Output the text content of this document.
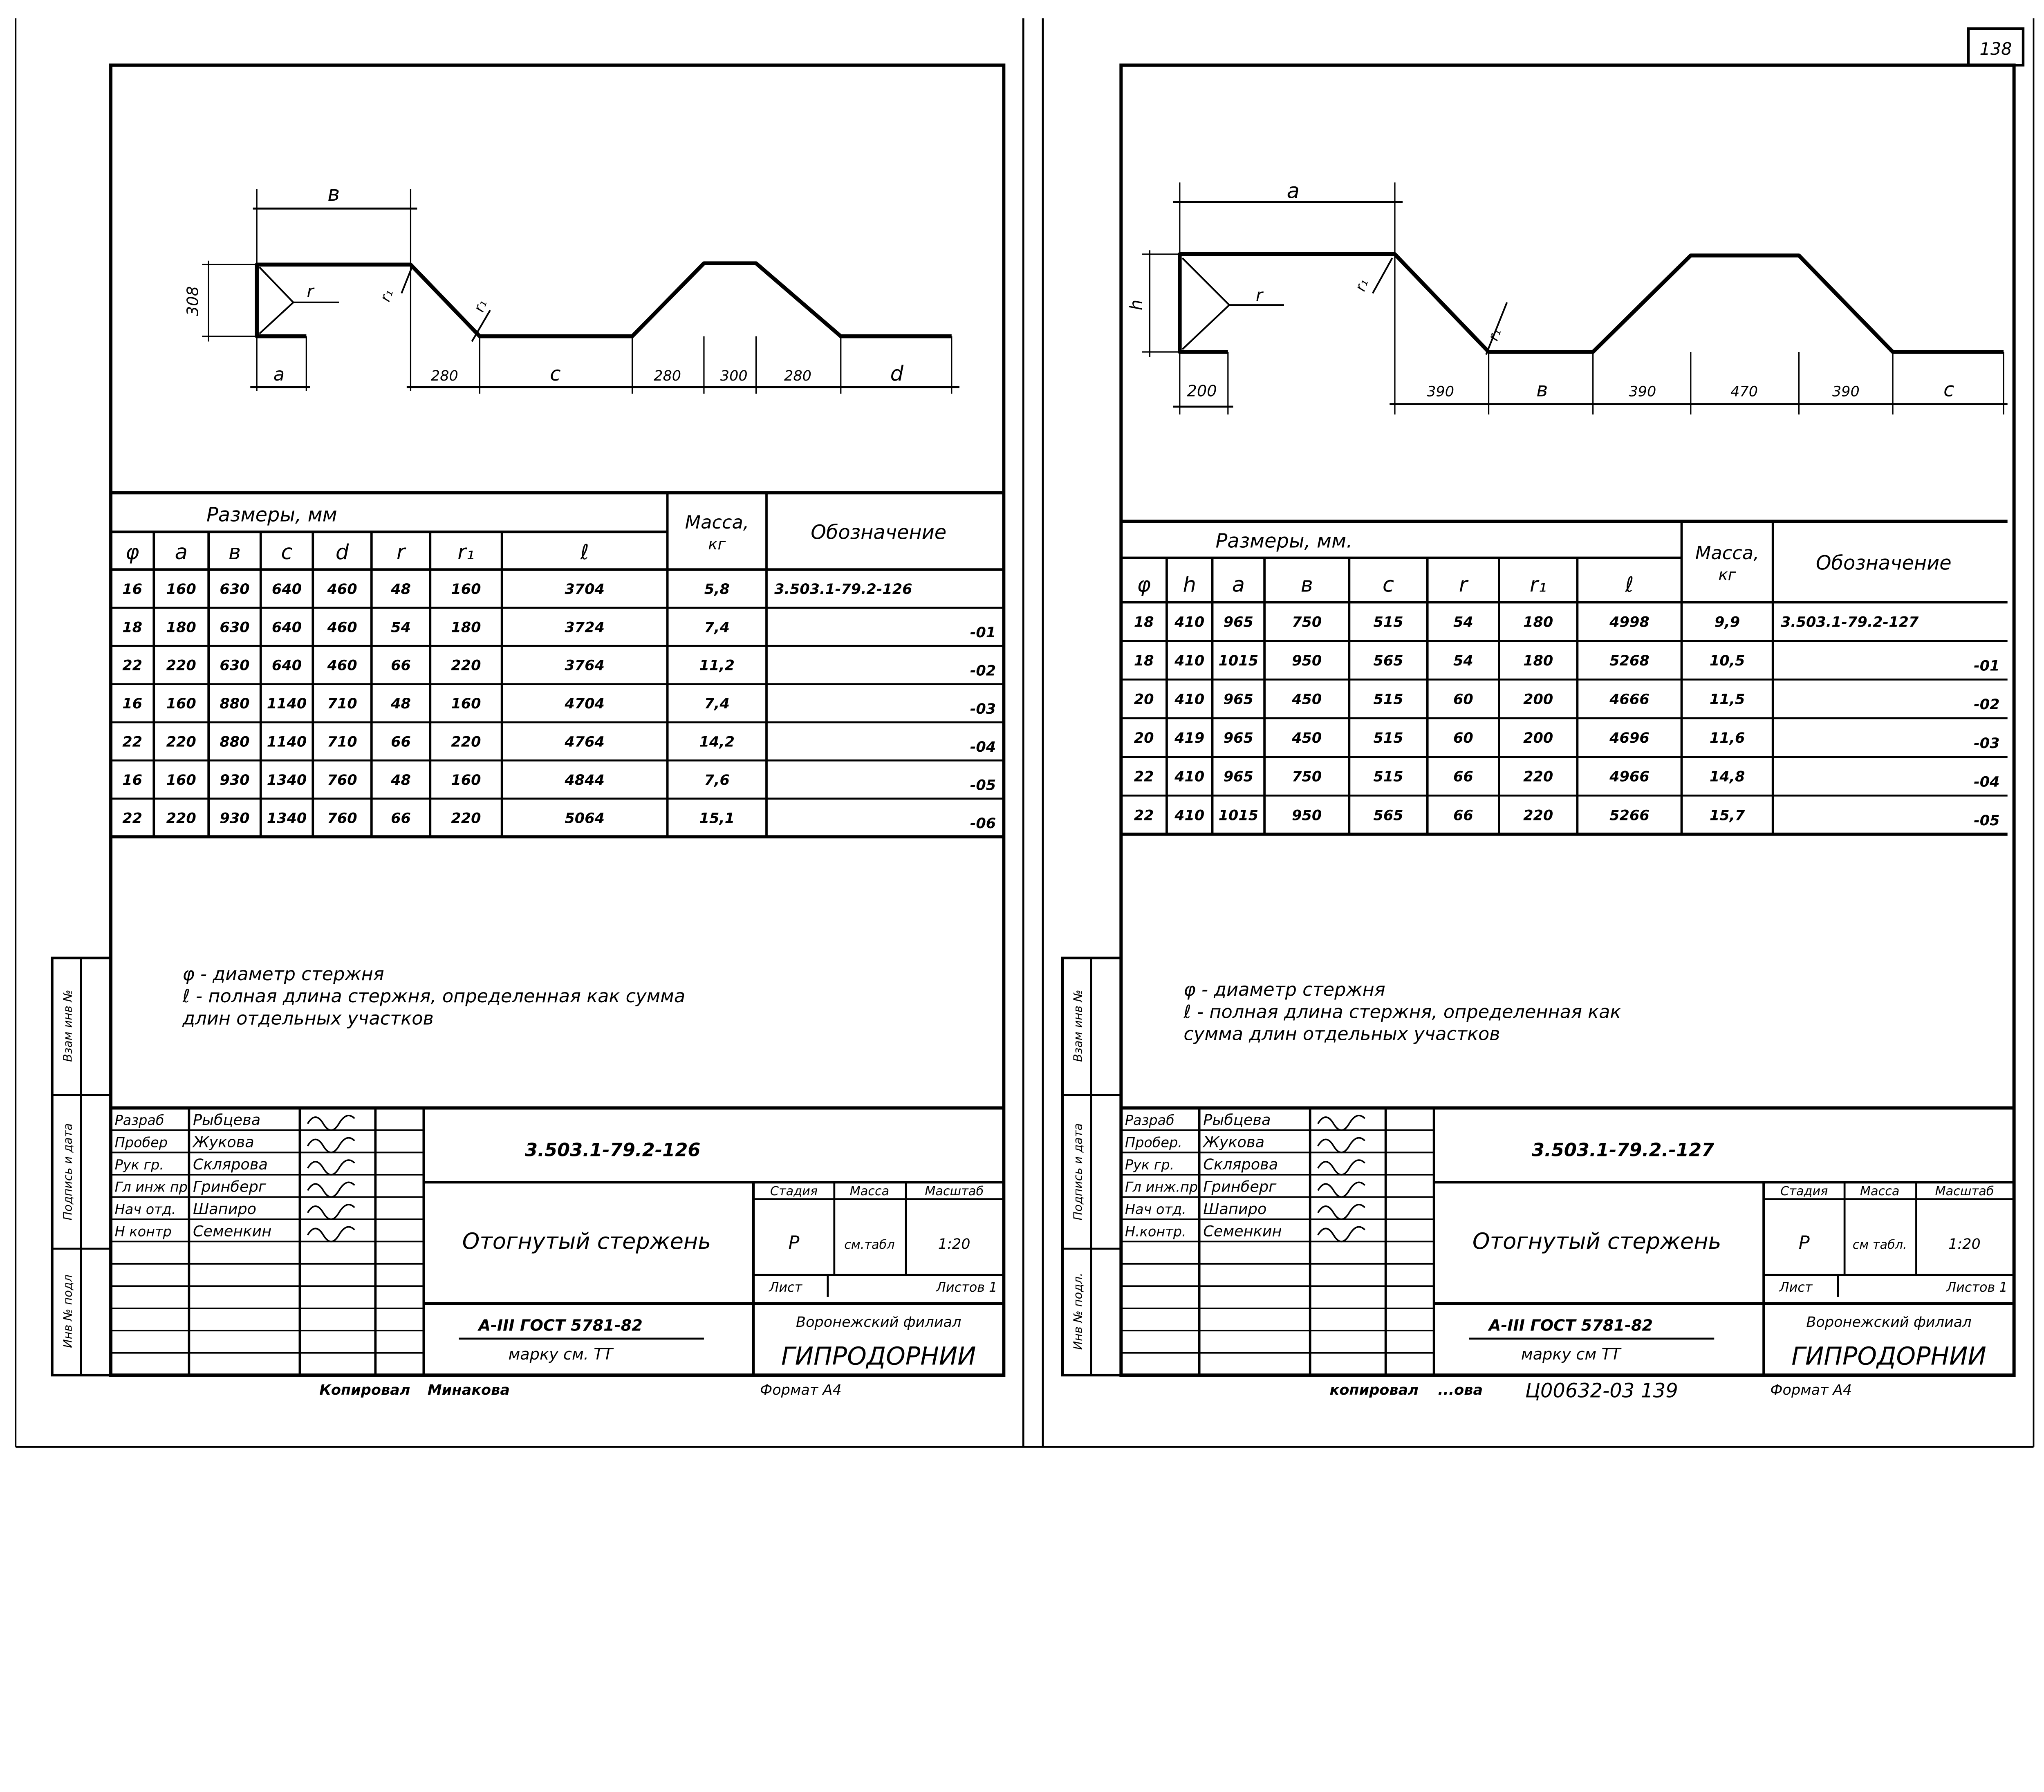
138
Взам инв №
Подпись и дата
Инв № подл
в
308	r	r₁
r₁
a	280	c	280	300	280	d
Размеры, мм	Масса,
кг
Обозначение
φ	a	в	c	d	r	r₁	ℓ
16	160	630	640	460	48	160	3704	5,8	3.503.1-79.2-126
18	180	630	640	460	54	180	3724	7,4	-01
22	220	630	640	460	66	220	3764	11,2	-02
16	160	880	1140	710	48	160	4704	7,4	-03
22	220	880	1140	710	66	220	4764	14,2	-04
16	160	930	1340	760	48	160	4844	7,6	-05
22	220	930	1340	760	66	220	5064	15,1	-06
φ - диаметр стержня
ℓ - полная длина стержня, определенная как сумма
длин отдельных участков
Разраб	Рыбцева
Пробер	Жукова
Рук гр.	Склярова
Гл инж пр Гринберг
Нач отд.	Шапиро
Н контр	Семенкин
3.503.1-79.2-126
Отогнутый стержень
Стадия	Масса	Масштаб
Р	см.табл	1:20
Лист	Листов 1
А-III ГОСТ 5781-82
марку см. ТТ
Воронежский филиал
ГИПРОДОРНИИ
Копировал	Минакова	Формат А4
Взам инв №
Подпись и дата
Инв № подл.
a
h	r
r₁
r₁
200	390	в	390	470	390	c
Размеры, мм.
Масса,
кг
Обозначение
φ	h	a	в	c	r	r₁	ℓ
18	410	965	750	515	54	180	4998	9,9	3.503.1-79.2-127
18	410	1015	950	565	54	180	5268	10,5	-01
20	410	965	450	515	60	200	4666	11,5	-02
20	419	965	450	515	60	200	4696	11,6	-03
22	410	965	750	515	66	220	4966	14,8	-04
22	410	1015	950	565	66	220	5266	15,7	-05
φ - диаметр стержня
ℓ - полная длина стержня, определенная как
сумма длин отдельных участков
Разраб	Рыбцева
Пробер.	Жукова
Рук гр.	Склярова
Гл инж.пр. Гринберг
Нач отд.	Шапиро
Н.контр.	Семенкин
3.503.1-79.2.-127
Отогнутый стержень
Стадия	Масса	Масштаб
Р	см табл.	1:20
Лист	Листов 1
А-III ГОСТ 5781-82
марку см ТТ
Воронежский филиал
ГИПРОДОРНИИ
копировал	...ова	Ц00632-03 139	Формат А4
